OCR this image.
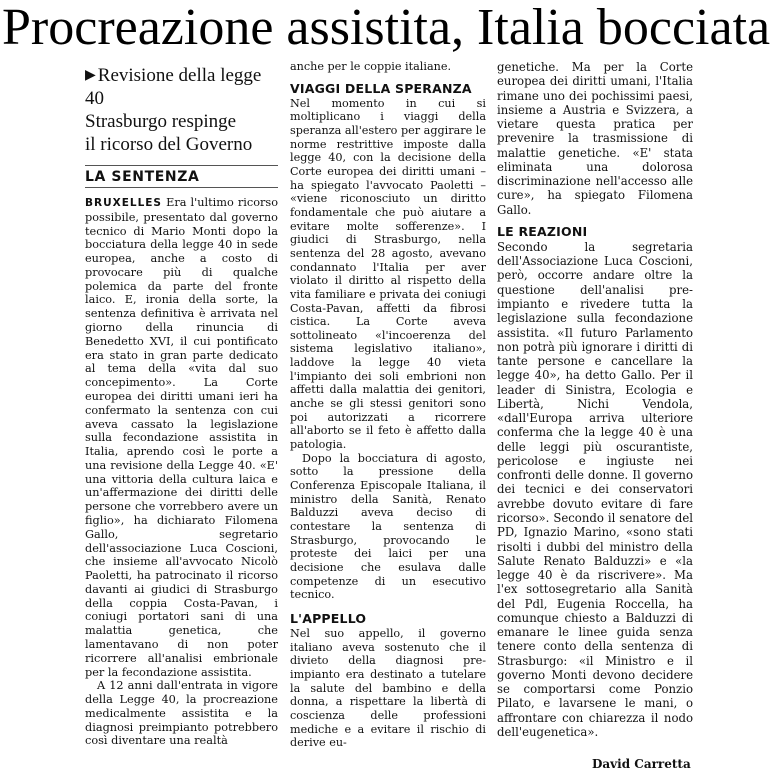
Procreazione assistita, Italia bocciata
▶ Revisione della legge 40
Strasburgo respinge
il ricorso del Governo
LA SENTENZA

BRUXELLES Era l'ultimo ricorso possibile, presentato dal governo tecnico di Mario Monti dopo la bocciatura della legge 40 in sede europea, anche a costo di provocare più di qualche polemica da parte del fronte laico. E, ironia della sorte, la sentenza definitiva è arrivata nel giorno della rinuncia di Benedetto XVI, il cui pontificato era stato in gran parte dedicato al tema della «vita dal suo concepimento». La Corte europea dei diritti umani ieri ha confermato la sentenza con cui aveva cassato la legislazione sulla fecondazione assistita in Italia, aprendo così le porte a una revisione della Legge 40. «E' una vittoria della cultura laica e un'affermazione dei diritti delle persone che vorrebbero avere un figlio», ha dichiarato Filomena Gallo, segretario dell'associazione Luca Coscioni, che insieme all'avvocato Nicolò Paoletti, ha patrocinato il ricorso davanti ai giudici di Strasburgo della coppia Costa-Pavan, i coniugi portatori sani di una malattia genetica, che lamentavano di non poter ricorrere all'analisi embrionale per la fecondazione assistita.

A 12 anni dall'entrata in vigore della Legge 40, la procreazione medicalmente assistita e la diagnosi preimpianto potrebbero così diventare una realtà

anche per le coppie italiane.

VIAGGI DELLA SPERANZA

Nel momento in cui si moltiplicano i viaggi della speranza all'estero per aggirare le norme restrittive imposte dalla legge 40, con la decisione della Corte europea dei diritti umani – ha spiegato l'avvocato Paoletti – «viene riconosciuto un diritto fondamentale che può aiutare a evitare molte sofferenze». I giudici di Strasburgo, nella sentenza del 28 agosto, avevano condannato l'Italia per aver violato il diritto al rispetto della vita familiare e privata dei coniugi Costa-Pavan, affetti da fibrosi cistica. La Corte aveva sottolineato «l'incoerenza del sistema legislativo italiano», laddove la legge 40 vieta l'impianto dei soli embrioni non affetti dalla malattia dei genitori, anche se gli stessi genitori sono poi autorizzati a ricorrere all'aborto se il feto è affetto dalla patologia.

Dopo la bocciatura di agosto, sotto la pressione della Conferenza Episcopale Italiana, il ministro della Sanità, Renato Balduzzi aveva deciso di contestare la sentenza di Strasburgo, provocando le proteste dei laici per una decisione che esulava dalle competenze di un esecutivo tecnico.

L'APPELLO

Nel suo appello, il governo italiano aveva sostenuto che il divieto della diagnosi pre-impianto era destinato a tutelare la salute del bambino e della donna, a rispettare la libertà di coscienza delle professioni mediche e a evitare il rischio di derive eu-

genetiche. Ma per la Corte europea dei diritti umani, l'Italia rimane uno dei pochissimi paesi, insieme a Austria e Svizzera, a vietare questa pratica per prevenire la trasmissione di malattie genetiche. «E' stata eliminata una dolorosa discriminazione nell'accesso alle cure», ha spiegato Filomena Gallo.

LE REAZIONI

Secondo la segretaria dell'Associazione Luca Coscioni, però, occorre andare oltre la questione dell'analisi pre-impianto e rivedere tutta la legislazione sulla fecondazione assistita. «Il futuro Parlamento non potrà più ignorare i diritti di tante persone e cancellare la legge 40», ha detto Gallo. Per il leader di Sinistra, Ecologia e Libertà, Nichi Vendola, «dall'Europa arriva ulteriore conferma che la legge 40 è una delle leggi più oscurantiste, pericolose e ingiuste nei confronti delle donne. Il governo dei tecnici e dei conservatori avrebbe dovuto evitare di fare ricorso». Secondo il senatore del PD, Ignazio Marino, «sono stati risolti i dubbi del ministro della Salute Renato Balduzzi» e «la legge 40 è da riscrivere». Ma l'ex sottosegretario alla Sanità del Pdl, Eugenia Roccella, ha comunque chiesto a Balduzzi di emanare le linee guida senza tenere conto della sentenza di Strasburgo: «il Ministro e il governo Monti devono decidere se comportarsi come Ponzio Pilato, e lavarsene le mani, o affrontare con chiarezza il nodo dell'eugenetica».

David Carretta
